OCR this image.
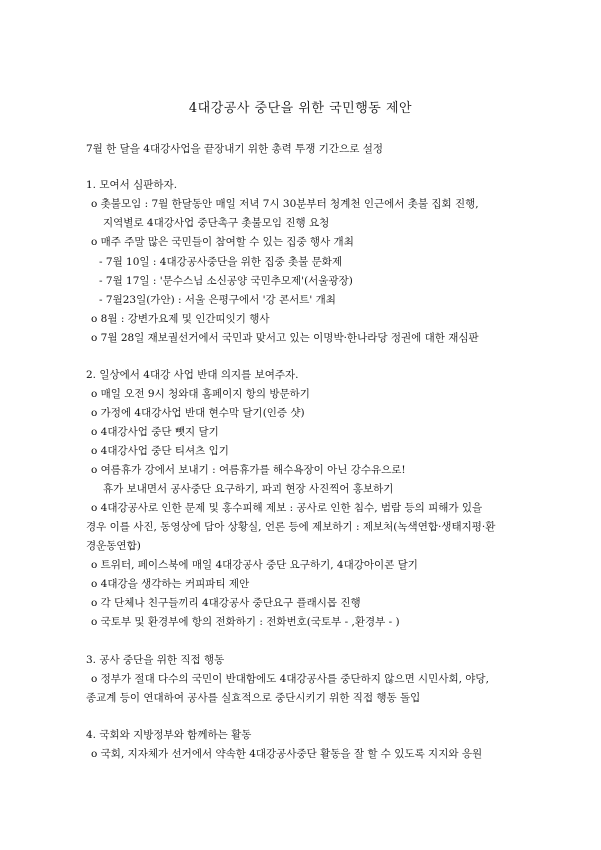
4대강공사 중단을 위한 국민행동 제안
7월 한 달을 4대강사업을 끝장내기 위한 총력 투쟁 기간으로 설정
1. 모여서 심판하자.
o 촛불모임 : 7월 한달동안 매일 저녁 7시 30분부터 청계천 인근에서 촛불 집회 진행,
지역별로 4대강사업 중단촉구 촛불모임 진행 요청
o 매주 주말 많은 국민들이 참여할 수 있는 집중 행사 개최
- 7월 10일 : 4대강공사중단을 위한 집중 촛불 문화제
- 7월 17일 : '문수스님 소신공양 국민추모제'(서울광장)
- 7월23일(가안) : 서울 은평구에서 '강 콘서트' 개최
o 8월 : 강변가요제 및 인간띠잇기 행사
o 7월 28일 재보궐선거에서 국민과 맞서고 있는 이명박·한나라당 정권에 대한 재심판
2. 일상에서 4대강 사업 반대 의지를 보여주자.
o 매일 오전 9시 청와대 홈페이지 항의 방문하기
o 가정에 4대강사업 반대 현수막 달기(인증 샷)
o 4대강사업 중단 뺏지 달기
o 4대강사업 중단 티셔츠 입기
o 여름휴가 강에서 보내기 : 여름휴가를 해수욕장이 아닌 강수유으로!
휴가 보내면서 공사중단 요구하기, 파괴 현장 사진찍어 홍보하기
o 4대강공사로 인한 문제 및 홍수피해 제보 : 공사로 인한 침수, 범람 등의 피해가 있을
경우 이를 사진, 동영상에 담아 상황실, 언론 등에 제보하기 : 제보처(녹색연합·생태지평·환
경운동연합)
o 트위터, 페이스북에 매일 4대강공사 중단 요구하기, 4대강아이콘 달기
o 4대강을 생각하는 커피파티 제안
o 각 단체나 친구들끼리 4대강공사 중단요구 플래시몹 진행
o 국토부 및 환경부에 항의 전화하기 : 전화번호(국토부 - ,환경부 - )
3. 공사 중단을 위한 직접 행동
o 정부가 절대 다수의 국민이 반대함에도 4대강공사를 중단하지 않으면 시민사회, 야당,
종교계 등이 연대하여 공사를 실효적으로 중단시키기 위한 직접 행동 돌입
4. 국회와 지방정부와 함께하는 활동
o 국회, 지자체가 선거에서 약속한 4대강공사중단 활동을 잘 할 수 있도록 지지와 응원
